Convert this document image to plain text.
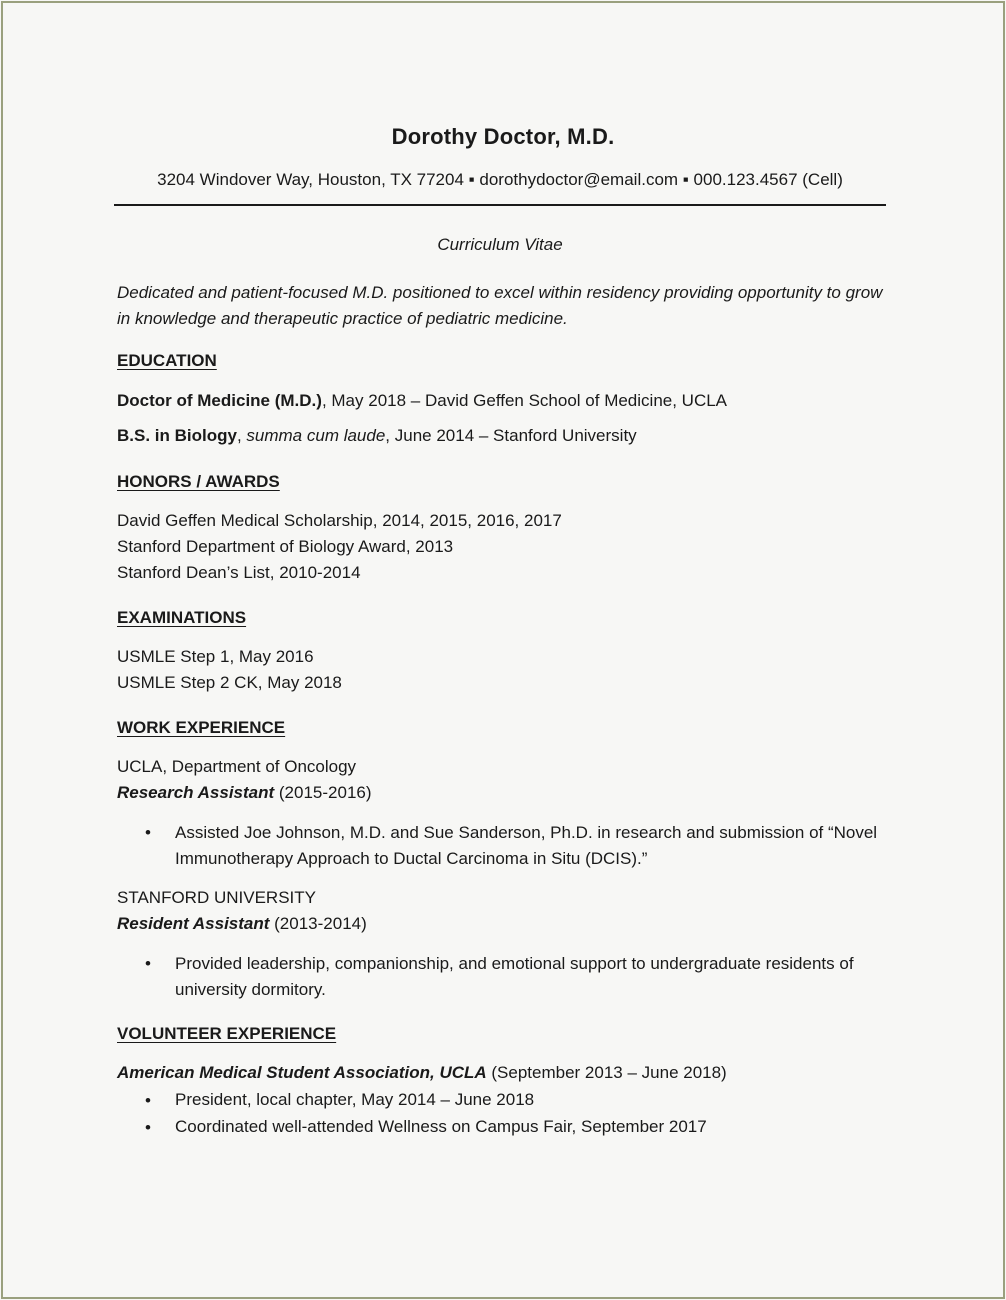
Dorothy Doctor, M.D.
3204 Windover Way, Houston, TX 77204 ▪ dorothydoctor@email.com ▪ 000.123.4567 (Cell)
Curriculum Vitae
Dedicated and patient-focused M.D. positioned to excel within residency providing opportunity to grow in knowledge and therapeutic practice of pediatric medicine.
EDUCATION
Doctor of Medicine (M.D.), May 2018 – David Geffen School of Medicine, UCLA
B.S. in Biology, summa cum laude, June 2014 – Stanford University
HONORS / AWARDS
David Geffen Medical Scholarship, 2014, 2015, 2016, 2017
Stanford Department of Biology Award, 2013
Stanford Dean’s List, 2010-2014
EXAMINATIONS
USMLE Step 1, May 2016
USMLE Step 2 CK, May 2018
WORK EXPERIENCE
UCLA, Department of Oncology
Research Assistant (2015-2016)
• Assisted Joe Johnson, M.D. and Sue Sanderson, Ph.D. in research and submission of “Novel Immunotherapy Approach to Ductal Carcinoma in Situ (DCIS).”
STANFORD UNIVERSITY
Resident Assistant (2013-2014)
• Provided leadership, companionship, and emotional support to undergraduate residents of university dormitory.
VOLUNTEER EXPERIENCE
American Medical Student Association, UCLA (September 2013 – June 2018)
• President, local chapter, May 2014 – June 2018
• Coordinated well-attended Wellness on Campus Fair, September 2017
